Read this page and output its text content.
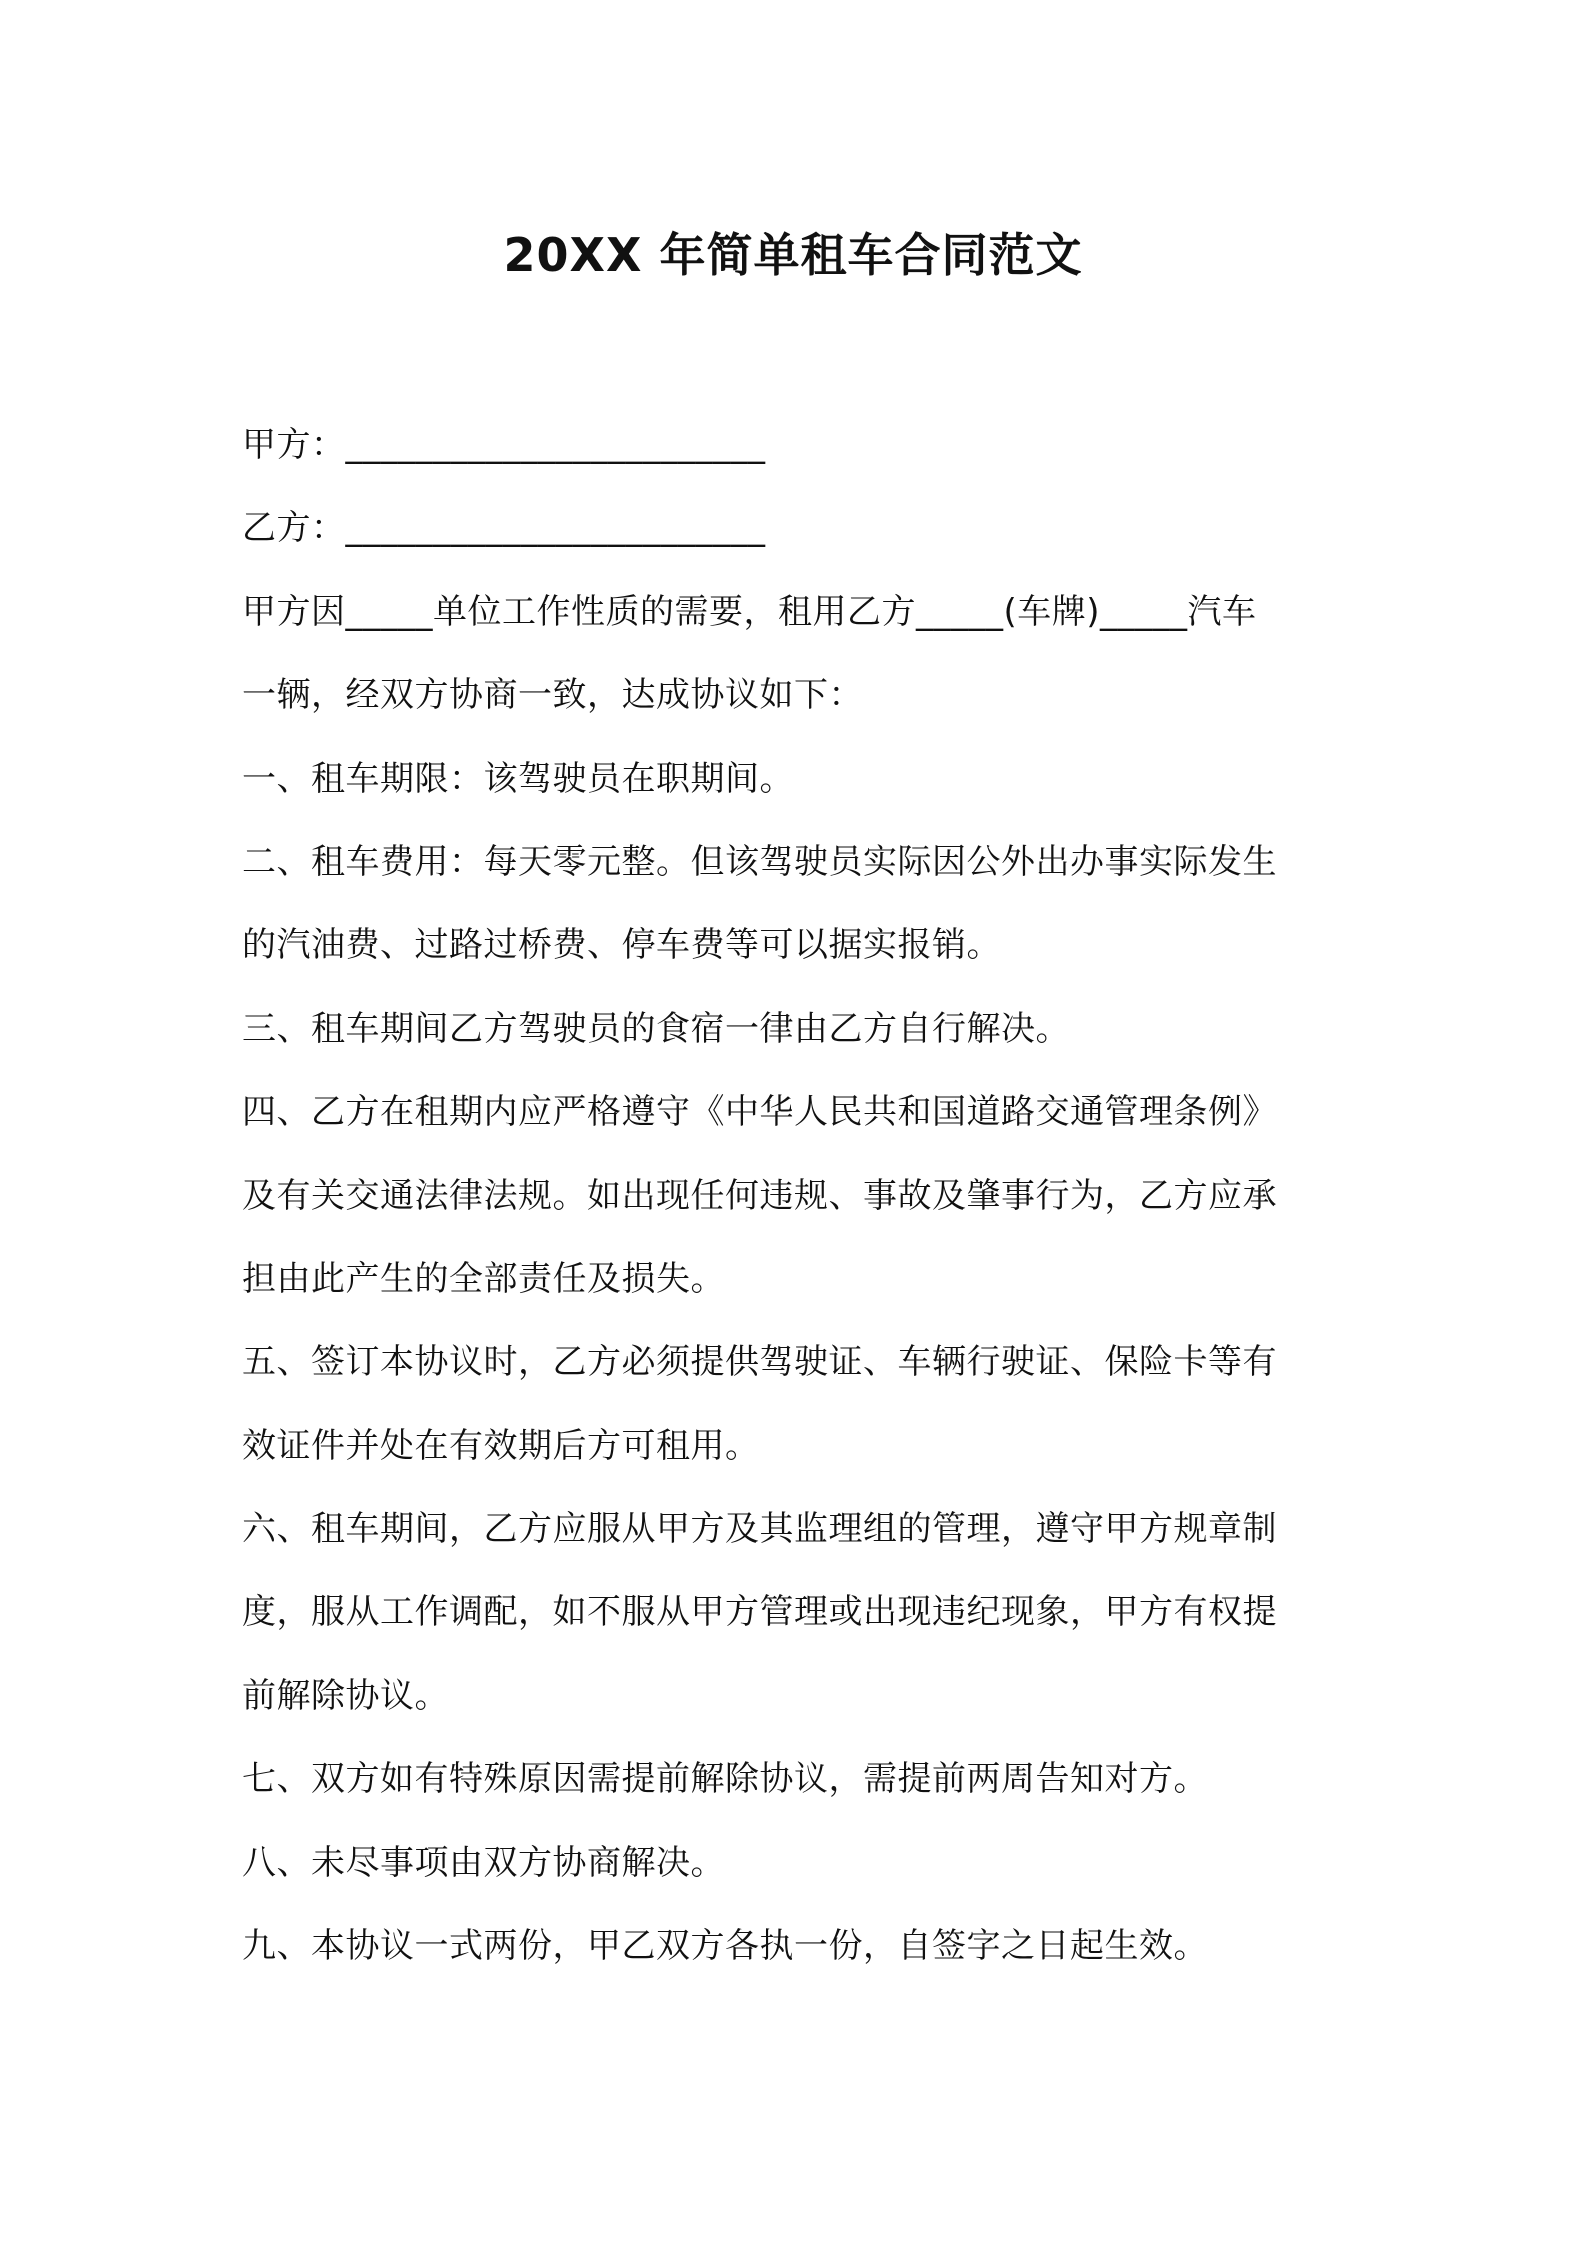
20XX 年简单租车合同范文
甲方：________________________
乙方：________________________
甲方因_____单位工作性质的需要，租用乙方_____(车牌)_____汽车
一辆，经双方协商一致，达成协议如下：
一、租车期限：该驾驶员在职期间。
二、租车费用：每天零元整。但该驾驶员实际因公外出办事实际发生
的汽油费、过路过桥费、停车费等可以据实报销。
三、租车期间乙方驾驶员的食宿一律由乙方自行解决。
四、乙方在租期内应严格遵守《中华人民共和国道路交通管理条例》
及有关交通法律法规。如出现任何违规、事故及肇事行为，乙方应承
担由此产生的全部责任及损失。
五、签订本协议时，乙方必须提供驾驶证、车辆行驶证、保险卡等有
效证件并处在有效期后方可租用。
六、租车期间，乙方应服从甲方及其监理组的管理，遵守甲方规章制
度，服从工作调配，如不服从甲方管理或出现违纪现象，甲方有权提
前解除协议。
七、双方如有特殊原因需提前解除协议，需提前两周告知对方。
八、未尽事项由双方协商解决。
九、本协议一式两份，甲乙双方各执一份，自签字之日起生效。
